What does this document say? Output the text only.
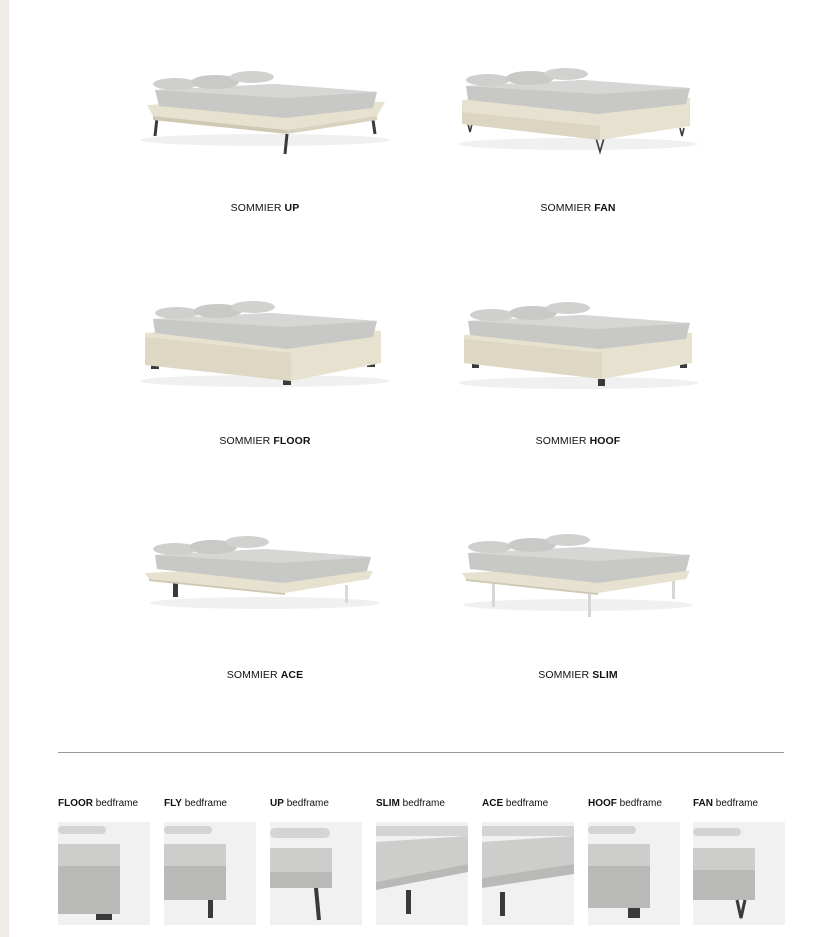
SOMMIER UP	SOMMIER FAN
SOMMIER FLOOR	SOMMIER HOOF
SOMMIER ACE	SOMMIER SLIM
FLOOR bedframe	FLY bedframe	UP bedframe	SLIM bedframe	ACE bedframe	HOOF bedframe	FAN bedframe
